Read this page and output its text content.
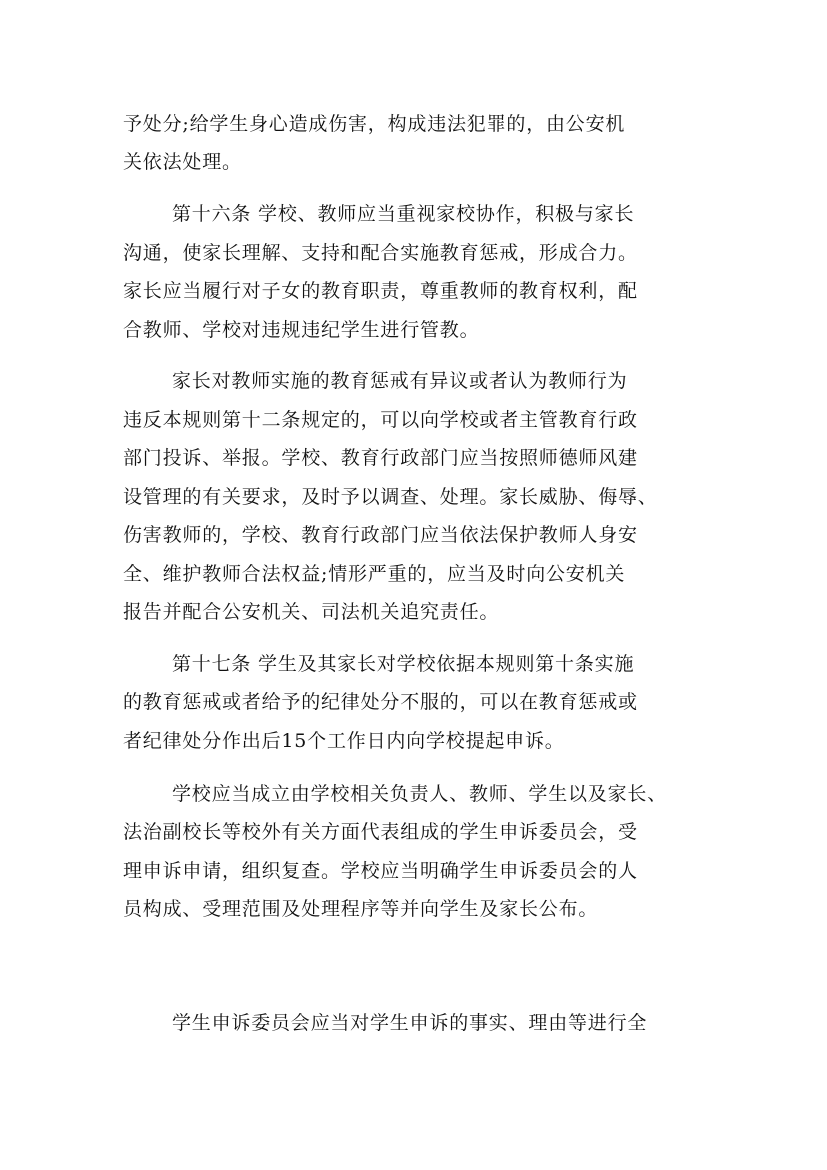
予处分;给学生身心造成伤害，构成违法犯罪的，由公安机
关依法处理。
第十六条 学校、教师应当重视家校协作，积极与家长
沟通，使家长理解、支持和配合实施教育惩戒，形成合力。
家长应当履行对子女的教育职责，尊重教师的教育权利，配
合教师、学校对违规违纪学生进行管教。
家长对教师实施的教育惩戒有异议或者认为教师行为
违反本规则第十二条规定的，可以向学校或者主管教育行政
部门投诉、举报。学校、教育行政部门应当按照师德师风建
设管理的有关要求，及时予以调查、处理。家长威胁、侮辱、
伤害教师的，学校、教育行政部门应当依法保护教师人身安
全、维护教师合法权益;情形严重的，应当及时向公安机关
报告并配合公安机关、司法机关追究责任。
第十七条 学生及其家长对学校依据本规则第十条实施
的教育惩戒或者给予的纪律处分不服的，可以在教育惩戒或
者纪律处分作出后15个工作日内向学校提起申诉。
学校应当成立由学校相关负责人、教师、学生以及家长、
法治副校长等校外有关方面代表组成的学生申诉委员会，受
理申诉申请，组织复查。学校应当明确学生申诉委员会的人
员构成、受理范围及处理程序等并向学生及家长公布。
学生申诉委员会应当对学生申诉的事实、理由等进行全
